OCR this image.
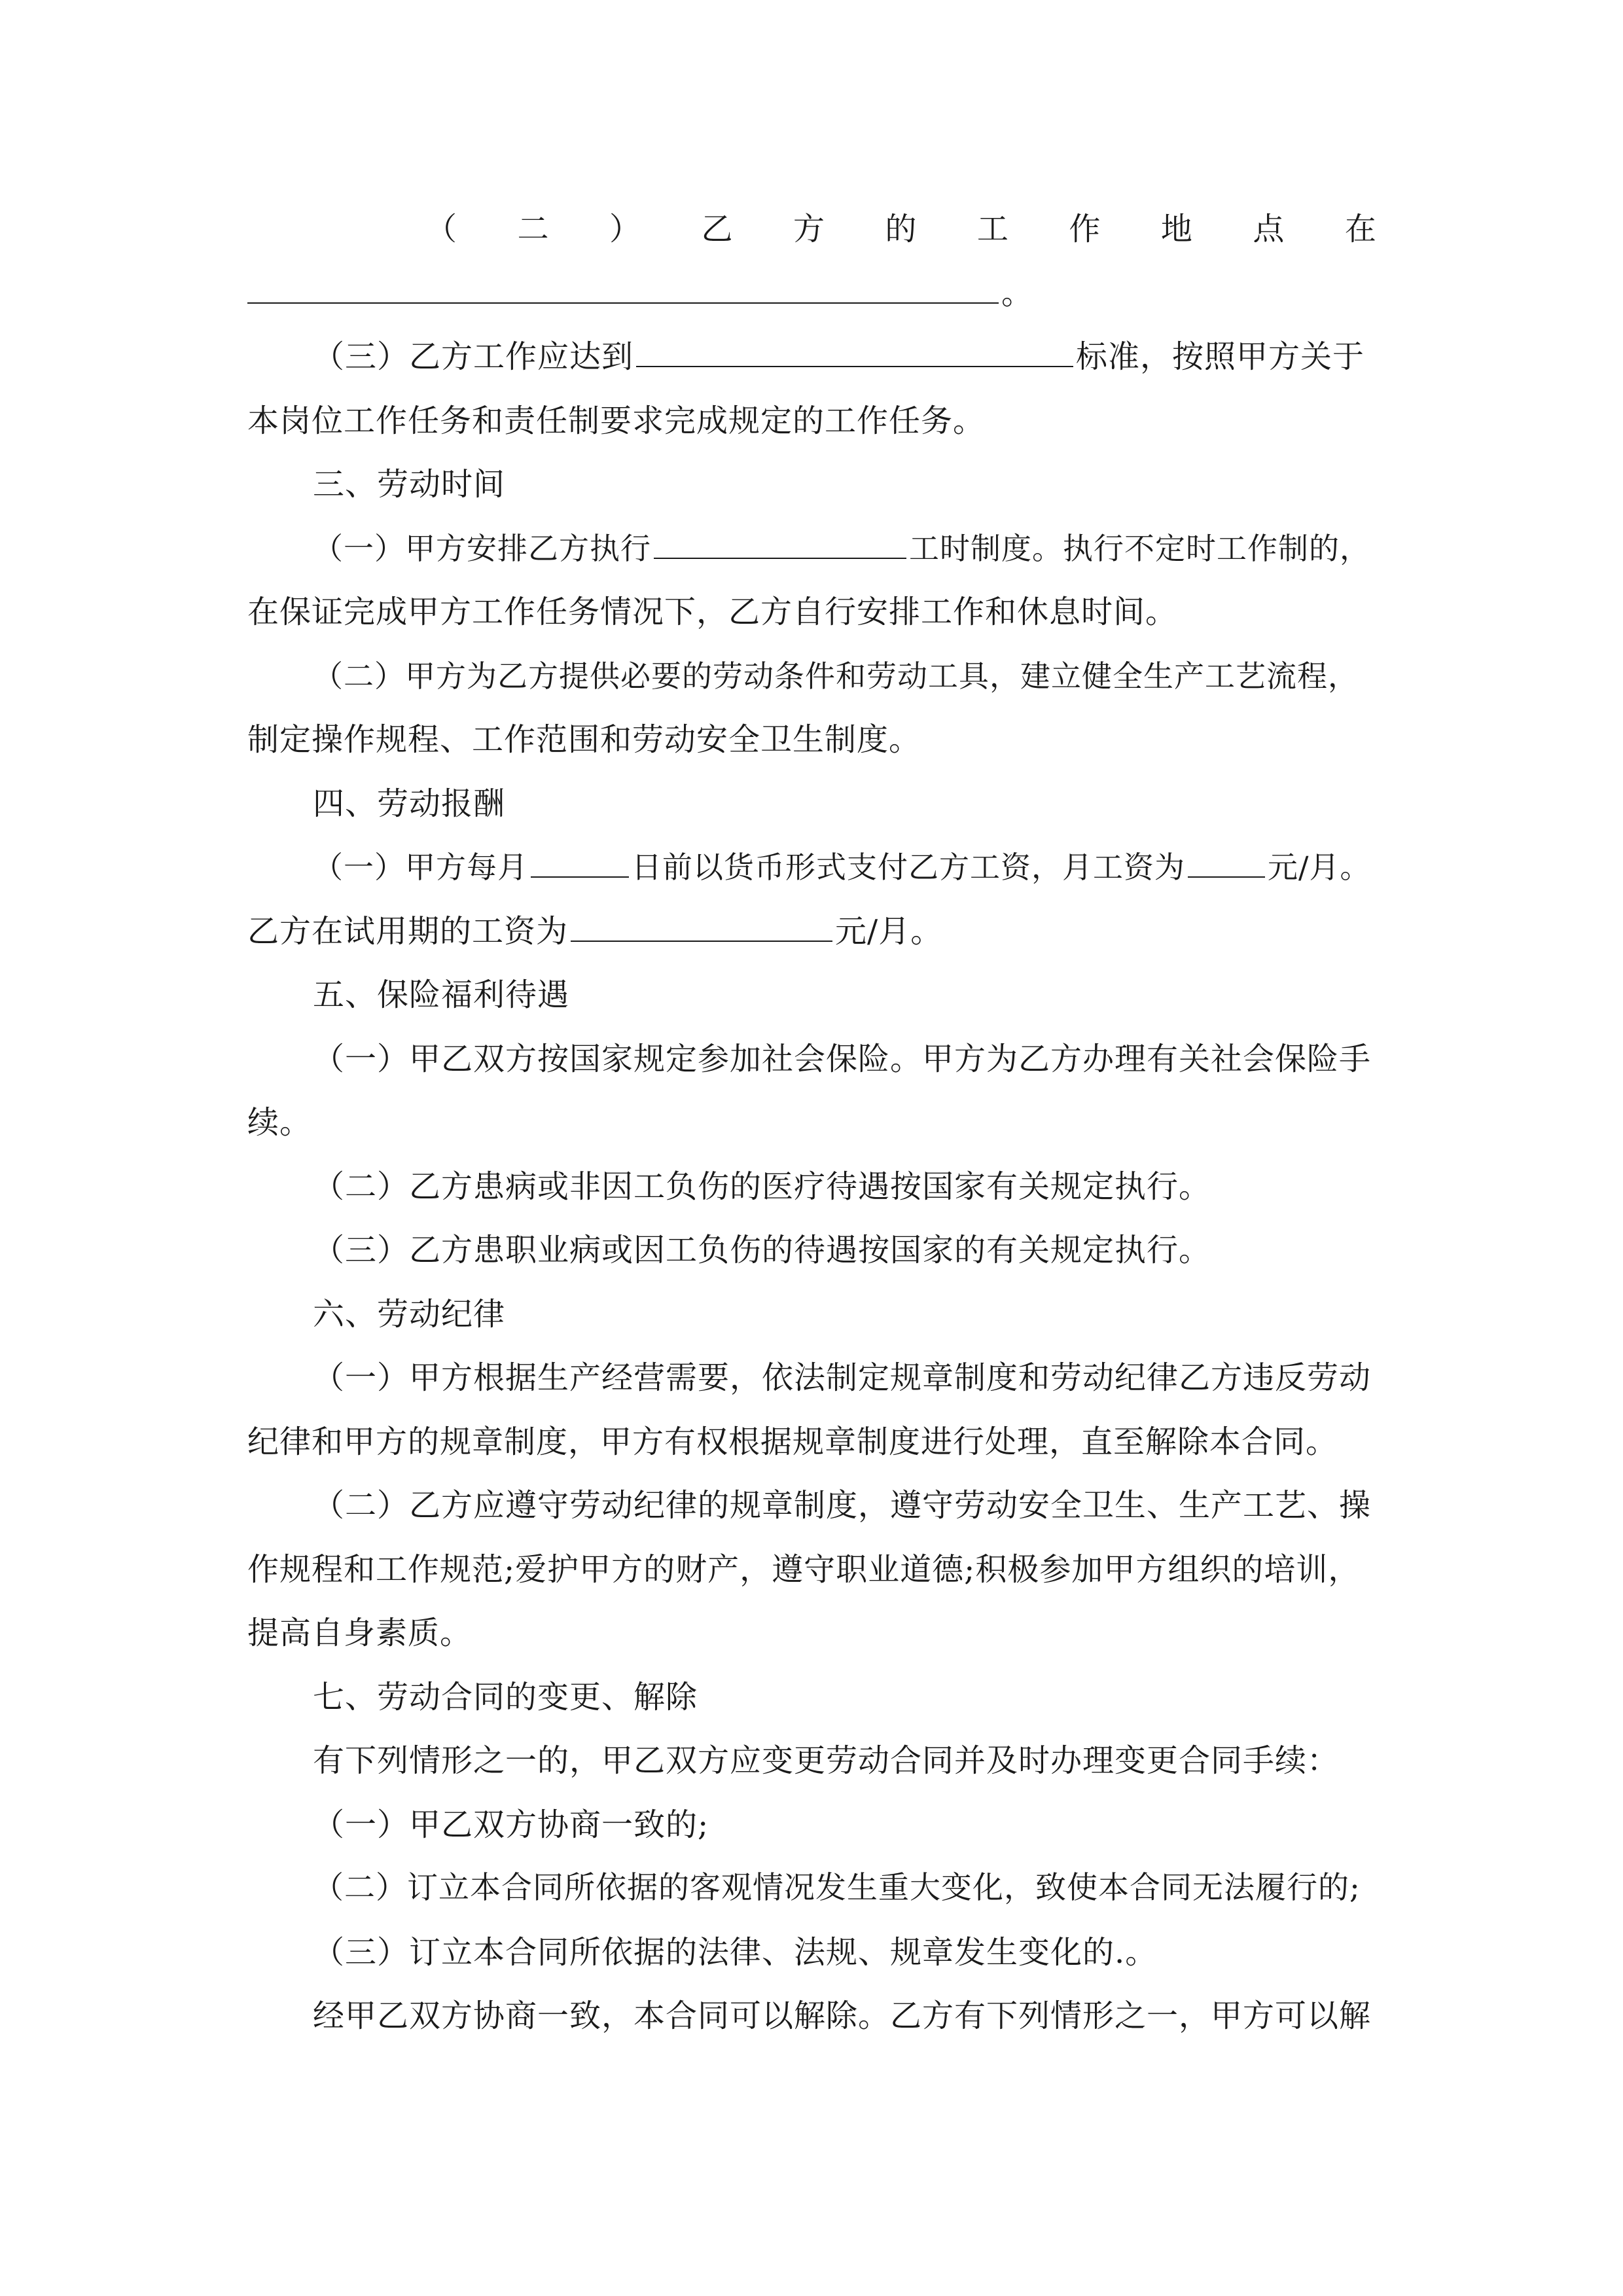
（ 二 ） 乙 方 的 工 作 地 点 在
。
（三）乙方工作应达到	标准，按照甲方关于
本岗位工作任务和责任制要求完成规定的工作任务。
三、劳动时间
（一）甲方安排乙方执行	工时制度。执行不定时工作制的，
在保证完成甲方工作任务情况下，乙方自行安排工作和休息时间。
（二）甲方为乙方提供必要的劳动条件和劳动工具，建立健全生产工艺流程，
制定操作规程、工作范围和劳动安全卫生制度。
四、劳动报酬
（一）甲方每月	日前以货币形式支付乙方工资，月工资为	元/月。
乙方在试用期的工资为	元/月。
五、保险福利待遇
（一）甲乙双方按国家规定参加社会保险。甲方为乙方办理有关社会保险手
续。
（二）乙方患病或非因工负伤的医疗待遇按国家有关规定执行。
（三）乙方患职业病或因工负伤的待遇按国家的有关规定执行。
六、劳动纪律
（一）甲方根据生产经营需要，依法制定规章制度和劳动纪律乙方违反劳动
纪律和甲方的规章制度，甲方有权根据规章制度进行处理，直至解除本合同。
（二）乙方应遵守劳动纪律的规章制度，遵守劳动安全卫生、生产工艺、操
作规程和工作规范;爱护甲方的财产，遵守职业道德;积极参加甲方组织的培训，
提高自身素质。
七、劳动合同的变更、解除
有下列情形之一的，甲乙双方应变更劳动合同并及时办理变更合同手续：
（一）甲乙双方协商一致的;
（二）订立本合同所依据的客观情况发生重大变化，致使本合同无法履行的;
（三）订立本合同所依据的法律、法规、规章发生变化的.。
经甲乙双方协商一致，本合同可以解除。乙方有下列情形之一，甲方可以解
